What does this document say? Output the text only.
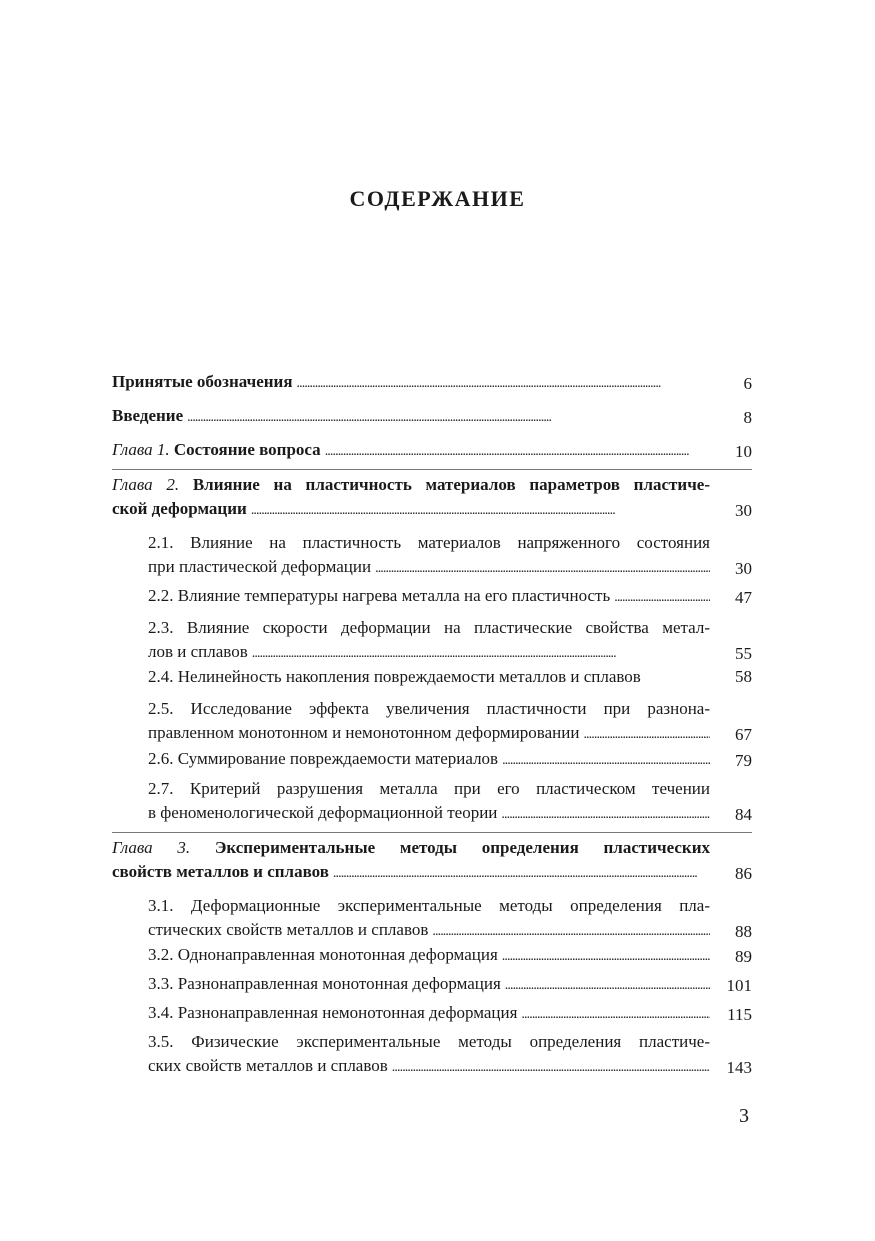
СОДЕРЖАНИЕ
Принятые обозначения . . .	6
Введение . . .	8
Глава 1. Состояние вопроса . . .	10
Глава 2. Влияние на пластичность материалов параметров пластиче-
ской деформации . . .	30
2.1. Влияние на пластичность материалов напряженного состояния
при пластической деформации . . .	30
2.2. Влияние температуры нагрева металла на его пластичность . . .	47
2.3. Влияние скорости деформации на пластические свойства метал-
лов и сплавов . . .	55
2.4. Нелинейность накопления повреждаемости металлов и сплавов	58
2.5. Исследование эффекта увеличения пластичности при разнона-
правленном монотонном и немонотонном деформировании . . .	67
2.6. Суммирование повреждаемости материалов . . .	79
2.7. Критерий разрушения металла при его пластическом течении
в феноменологической деформационной теории . . .	84
Глава 3. Экспериментальные методы определения пластических
свойств металлов и сплавов . . .	86
3.1. Деформационные экспериментальные методы определения пла-
стических свойств металлов и сплавов . . .	88
3.2. Однонаправленная монотонная деформация . . .	89
3.3. Разнонаправленная монотонная деформация . . .	101
3.4. Разнонаправленная немонотонная деформация . . .	115
3.5. Физические экспериментальные методы определения пластиче-
ских свойств металлов и сплавов . . .	143
3
